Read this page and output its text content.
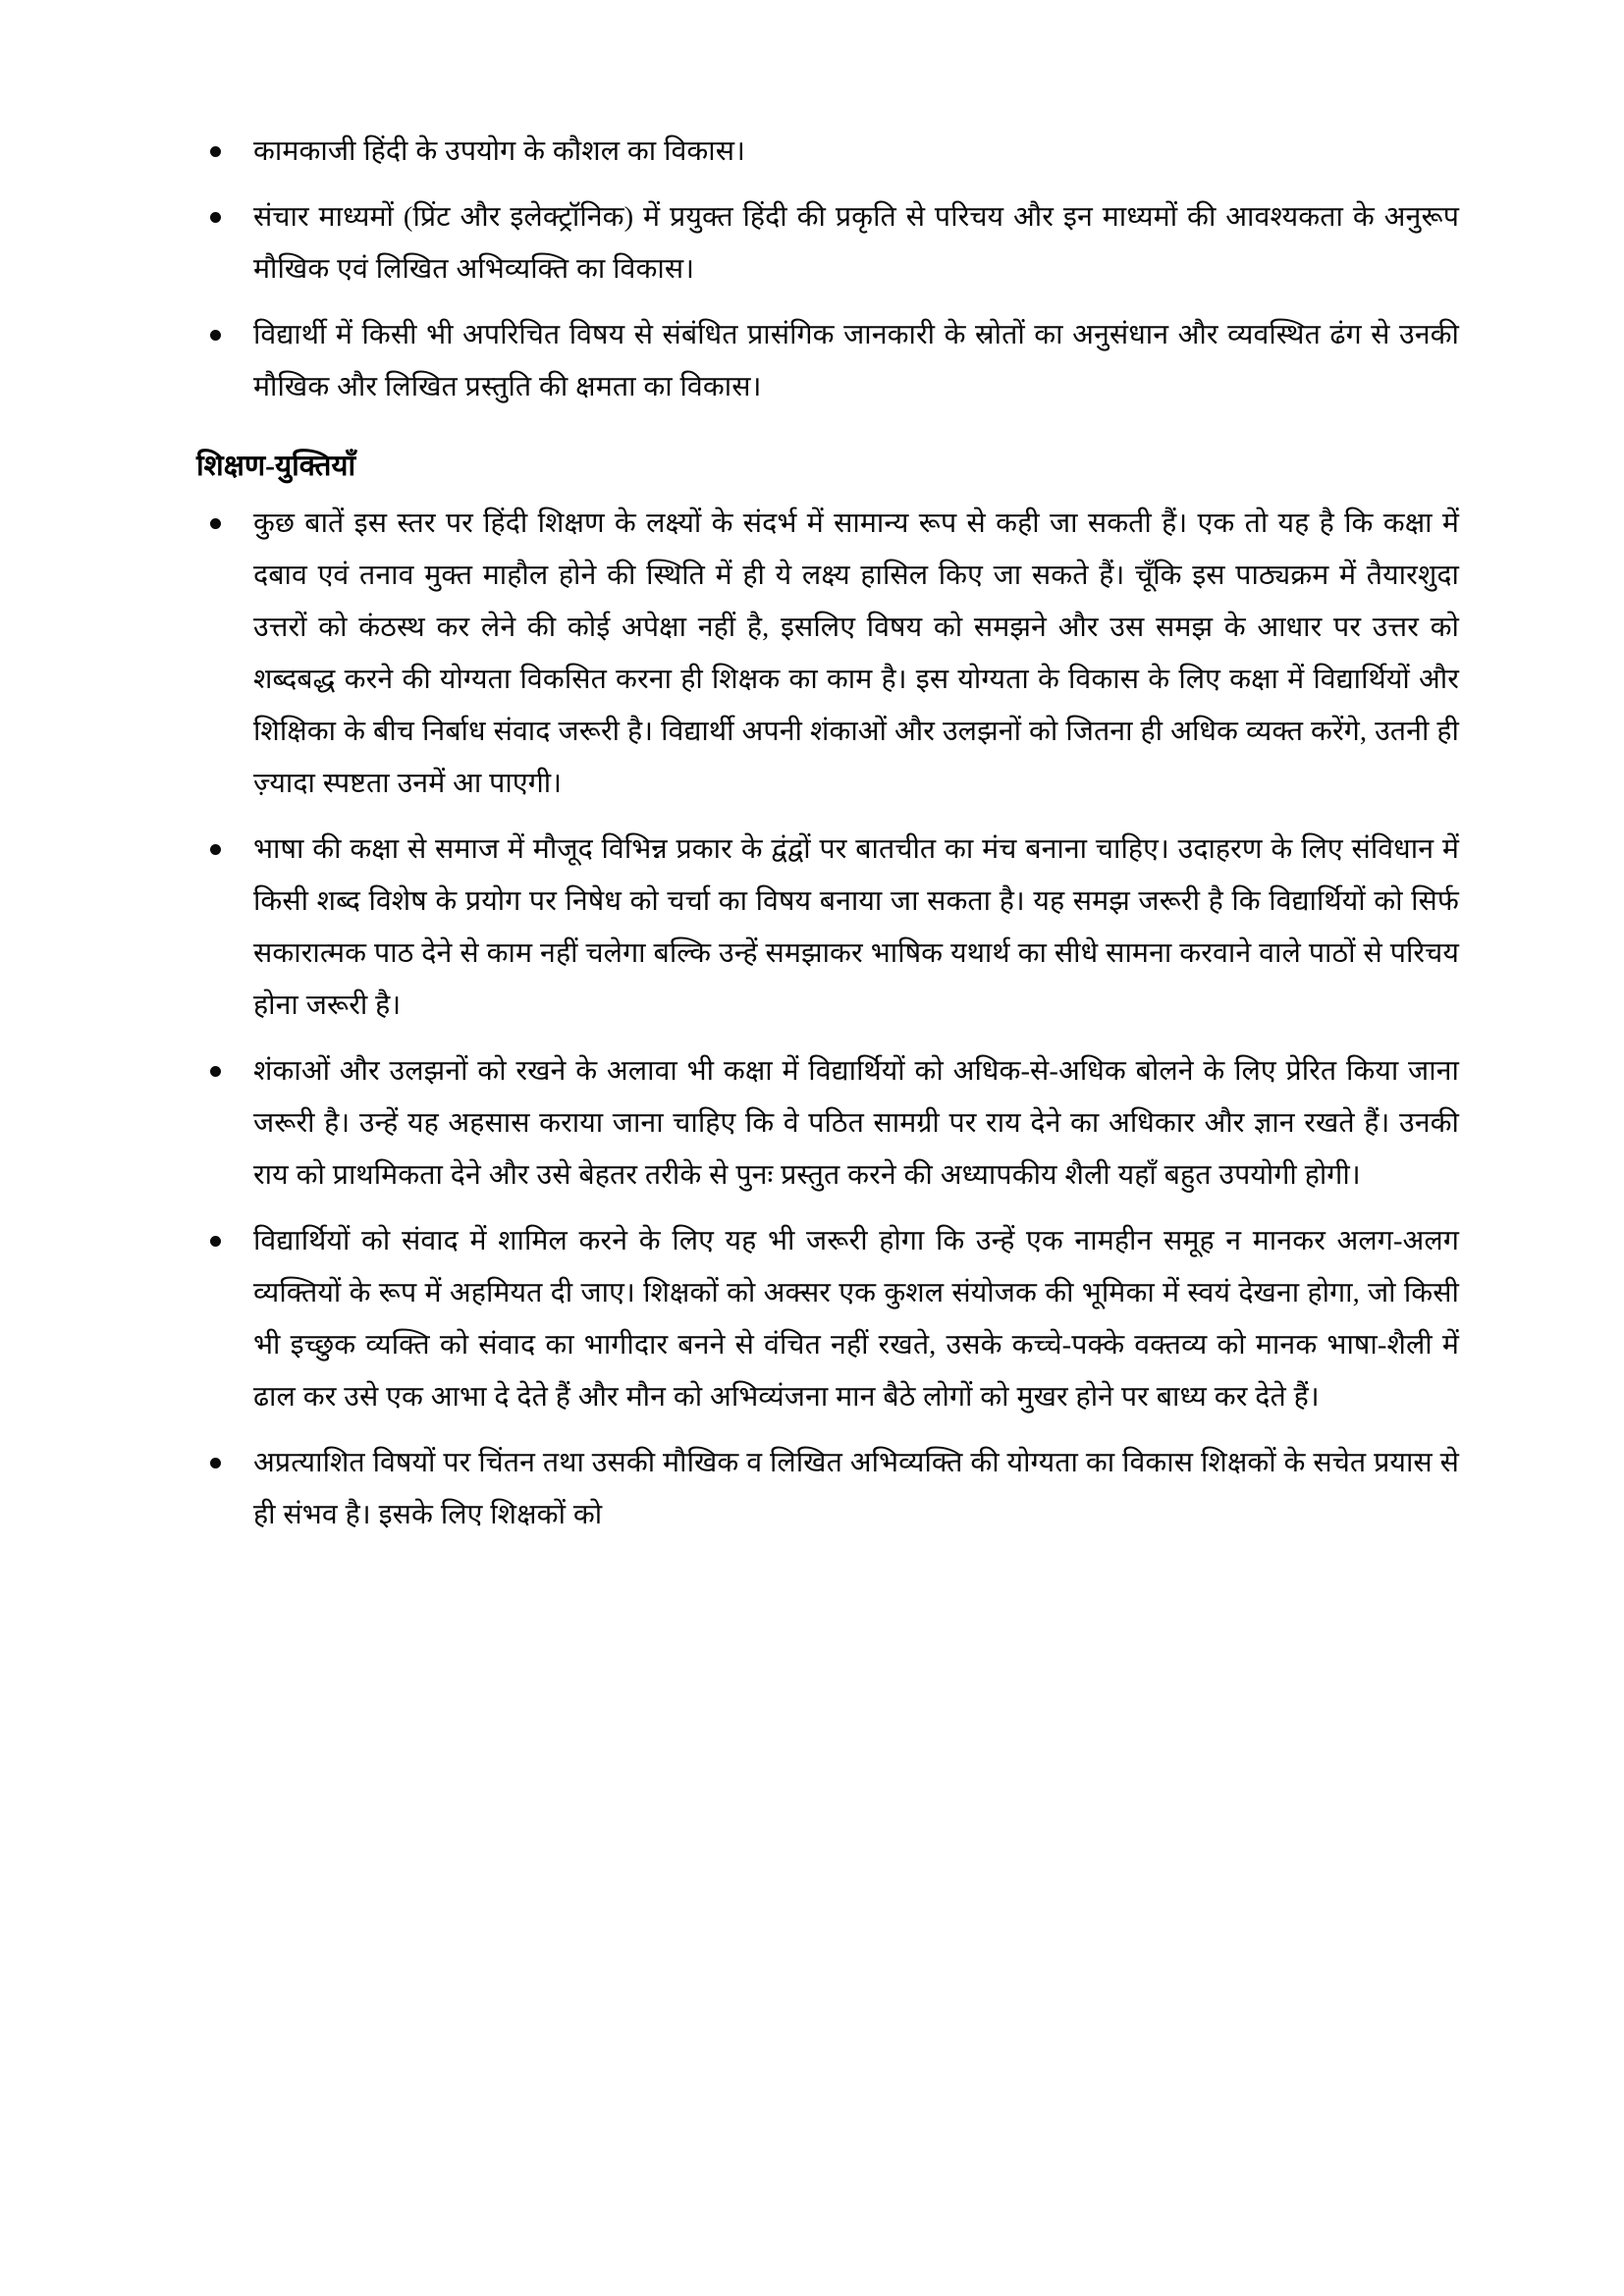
कामकाजी हिंदी के उपयोग के कौशल का विकास।
संचार माध्यमों (प्रिंट और इलेक्ट्रॉनिक) में प्रयुक्त हिंदी की प्रकृति से परिचय और इन माध्यमों की आवश्यकता के अनुरूप मौखिक एवं लिखित अभिव्यक्ति का विकास।
विद्यार्थी में किसी भी अपरिचित विषय से संबंधित प्रासंगिक जानकारी के स्रोतों का अनुसंधान और व्यवस्थित ढंग से उनकी मौखिक और लिखित प्रस्तुति की क्षमता का विकास।
शिक्षण-युक्तियाँ
कुछ बातें इस स्तर पर हिंदी शिक्षण के लक्ष्यों के संदर्भ में सामान्य रूप से कही जा सकती हैं। एक तो यह है कि कक्षा में दबाव एवं तनाव मुक्त माहौल होने की स्थिति में ही ये लक्ष्य हासिल किए जा सकते हैं। चूँकि इस पाठ्यक्रम में तैयारशुदा उत्तरों को कंठस्थ कर लेने की कोई अपेक्षा नहीं है, इसलिए विषय को समझने और उस समझ के आधार पर उत्तर को शब्दबद्ध करने की योग्यता विकसित करना ही शिक्षक का काम है। इस योग्यता के विकास के लिए कक्षा में विद्यार्थियों और शिक्षिका के बीच निर्बाध संवाद जरूरी है। विद्यार्थी अपनी शंकाओं और उलझनों को जितना ही अधिक व्यक्त करेंगे, उतनी ही ज़्यादा स्पष्टता उनमें आ पाएगी।
भाषा की कक्षा से समाज में मौजूद विभिन्न प्रकार के द्वंद्वों पर बातचीत का मंच बनाना चाहिए। उदाहरण के लिए संविधान में किसी शब्द विशेष के प्रयोग पर निषेध को चर्चा का विषय बनाया जा सकता है। यह समझ जरूरी है कि विद्यार्थियों को सिर्फ सकारात्मक पाठ देने से काम नहीं चलेगा बल्कि उन्हें समझाकर भाषिक यथार्थ का सीधे सामना करवाने वाले पाठों से परिचय होना जरूरी है।
शंकाओं और उलझनों को रखने के अलावा भी कक्षा में विद्यार्थियों को अधिक-से-अधिक बोलने के लिए प्रेरित किया जाना जरूरी है। उन्हें यह अहसास कराया जाना चाहिए कि वे पठित सामग्री पर राय देने का अधिकार और ज्ञान रखते हैं। उनकी राय को प्राथमिकता देने और उसे बेहतर तरीके से पुनः प्रस्तुत करने की अध्यापकीय शैली यहाँ बहुत उपयोगी होगी।
विद्यार्थियों को संवाद में शामिल करने के लिए यह भी जरूरी होगा कि उन्हें एक नामहीन समूह न मानकर अलग-अलग व्यक्तियों के रूप में अहमियत दी जाए। शिक्षकों को अक्सर एक कुशल संयोजक की भूमिका में स्वयं देखना होगा, जो किसी भी इच्छुक व्यक्ति को संवाद का भागीदार बनने से वंचित नहीं रखते, उसके कच्चे-पक्के वक्तव्य को मानक भाषा-शैली में ढाल कर उसे एक आभा दे देते हैं और मौन को अभिव्यंजना मान बैठे लोगों को मुखर होने पर बाध्य कर देते हैं।
अप्रत्याशित विषयों पर चिंतन तथा उसकी मौखिक व लिखित अभिव्यक्ति की योग्यता का विकास शिक्षकों के सचेत प्रयास से ही संभव है। इसके लिए शिक्षकों को
